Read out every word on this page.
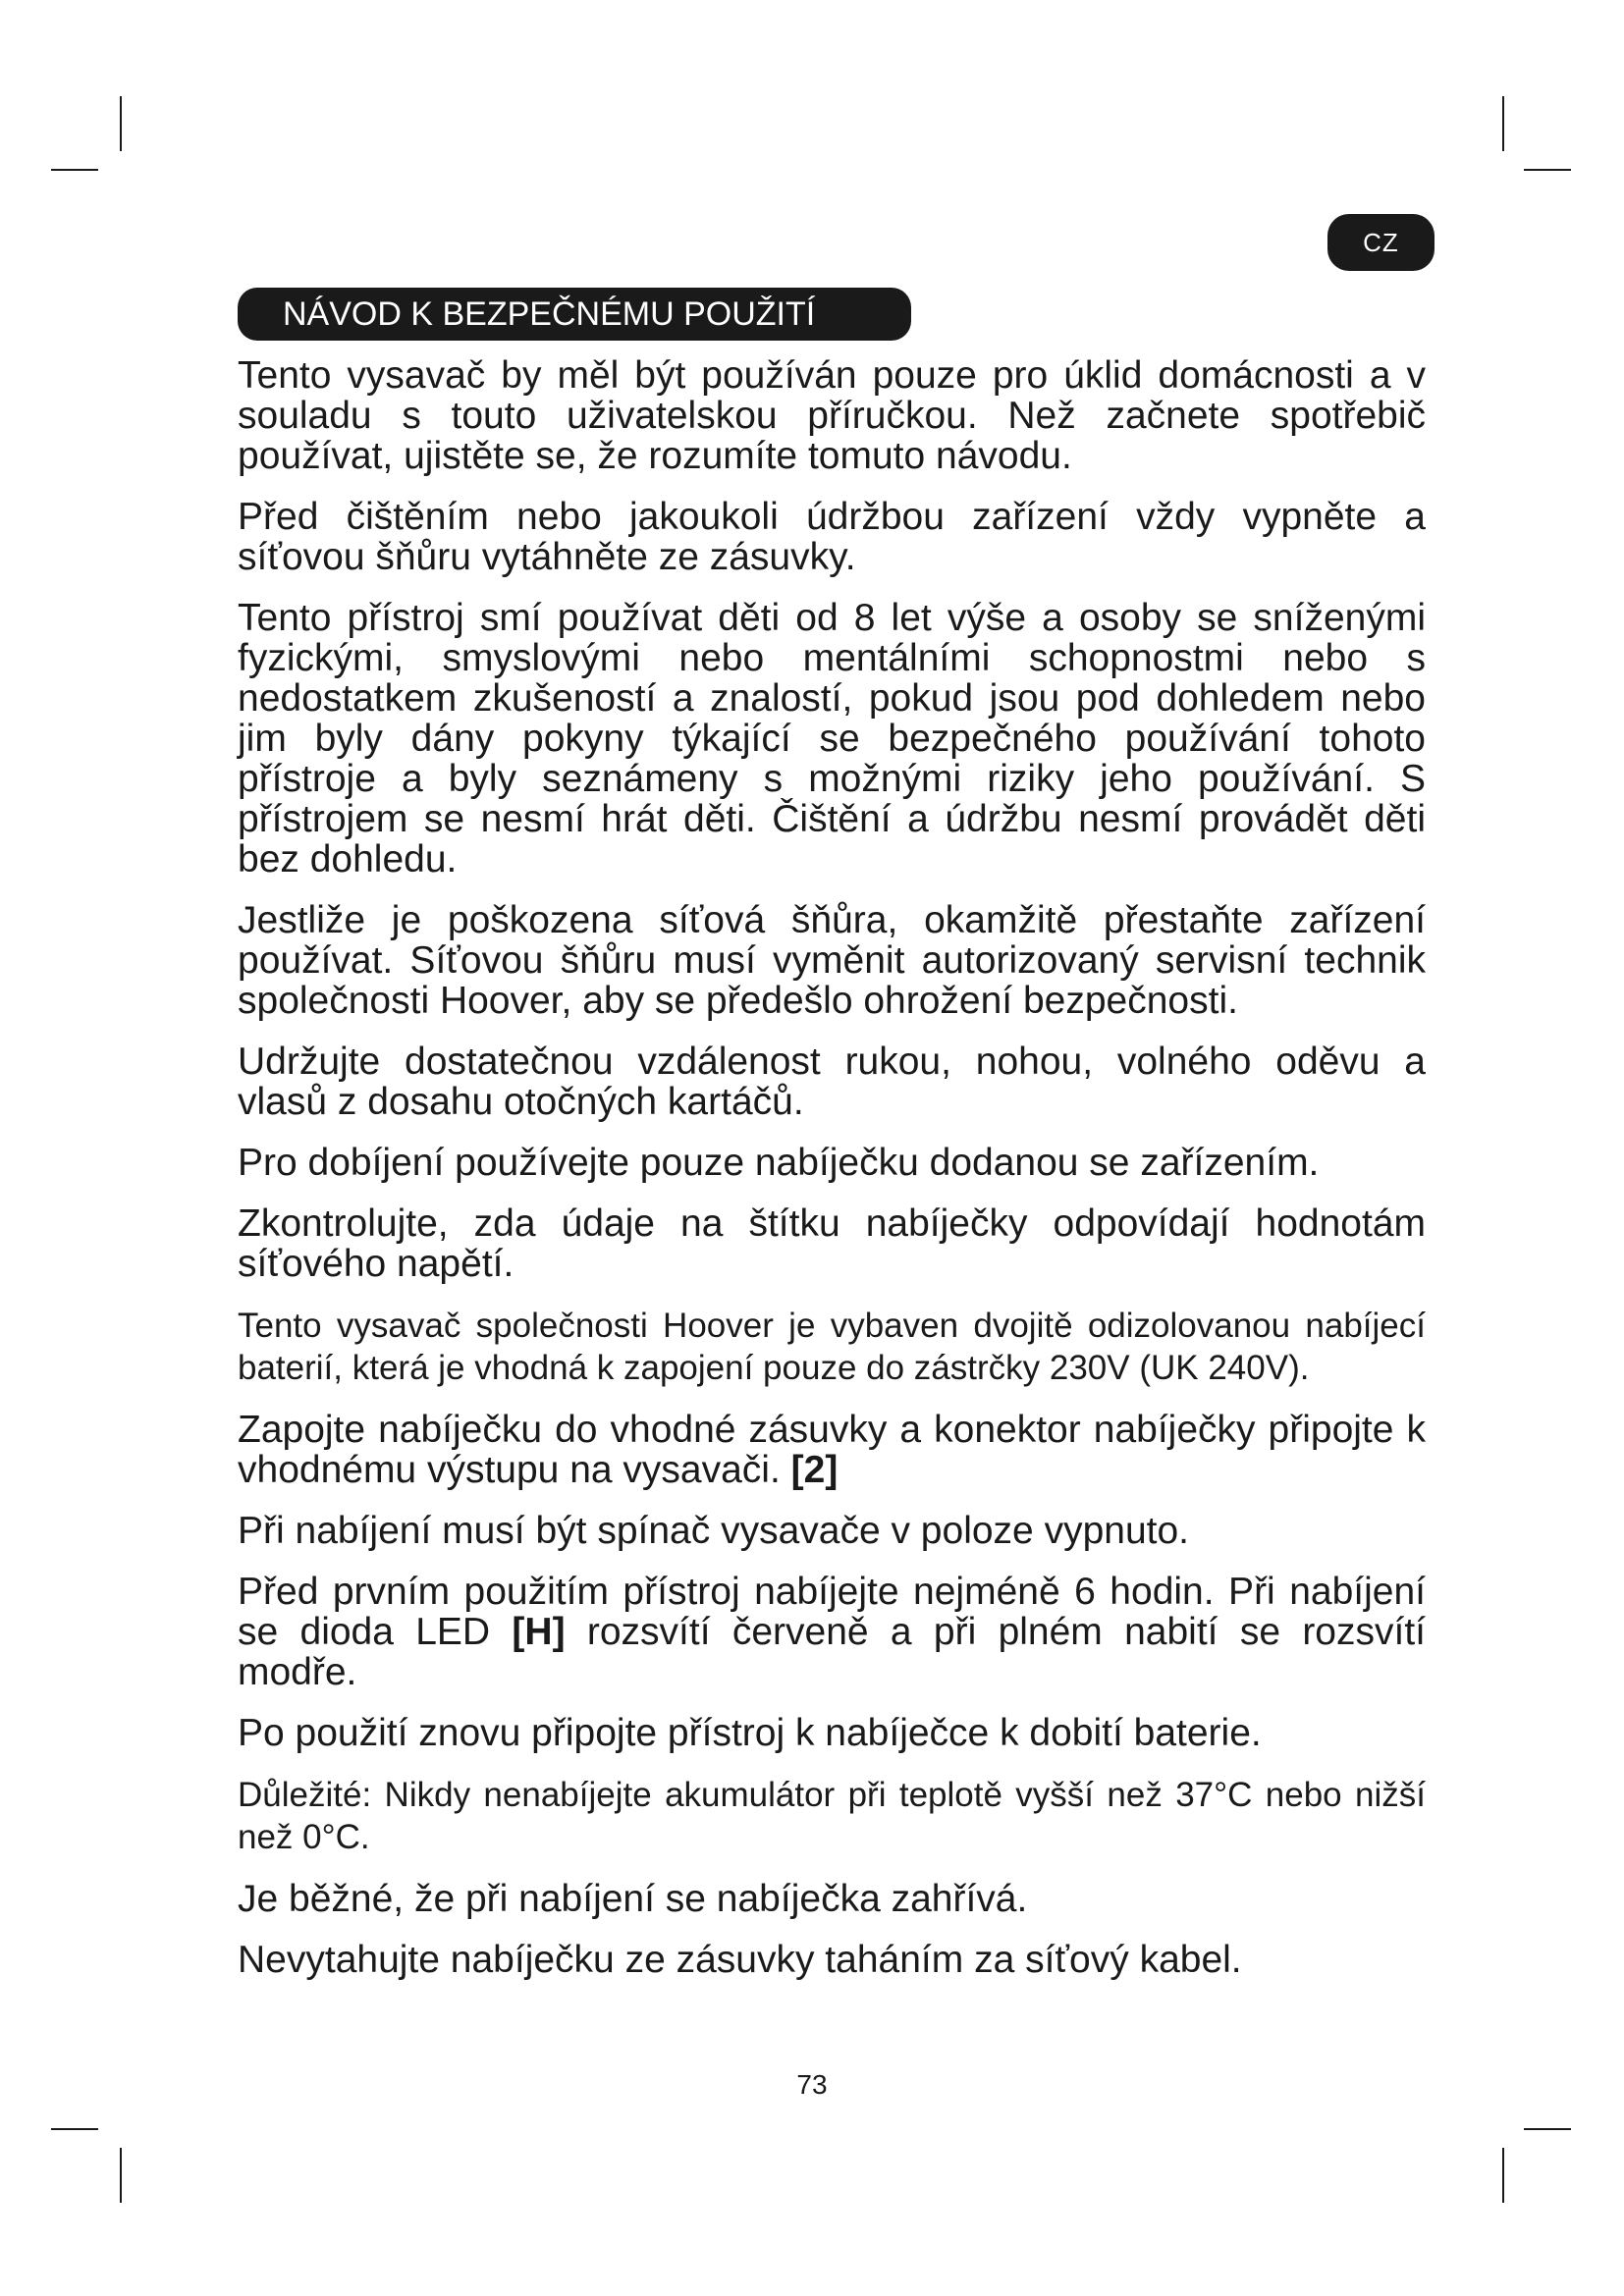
CZ
NÁVOD K BEZPEČNÉMU POUŽITÍ

Tento vysavač by měl být používán pouze pro úklid domácnosti a v souladu s touto uživatelskou příručkou. Než začnete spotřebič používat, ujistěte se, že rozumíte tomuto návodu.

Před čištěním nebo jakoukoli údržbou zařízení vždy vypněte a síťovou šňůru vytáhněte ze zásuvky.

Tento přístroj smí používat děti od 8 let výše a osoby se sníženými fyzickými, smyslovými nebo mentálními schopnostmi nebo s nedostatkem zkušeností a znalostí, pokud jsou pod dohledem nebo jim byly dány pokyny týkající se bezpečného používání tohoto přístroje a byly seznámeny s možnými riziky jeho používání. S přístrojem se nesmí hrát děti. Čištění a údržbu nesmí provádět děti bez dohledu.

Jestliže je poškozena síťová šňůra, okamžitě přestaňte zařízení používat. Síťovou šňůru musí vyměnit autorizovaný servisní technik společnosti Hoover, aby se předešlo ohrožení bezpečnosti.

Udržujte dostatečnou vzdálenost rukou, nohou, volného oděvu a vlasů z dosahu otočných kartáčů.

Pro dobíjení používejte pouze nabíječku dodanou se zařízením.

Zkontrolujte, zda údaje na štítku nabíječky odpovídají hodnotám síťového napětí.

Tento vysavač společnosti Hoover je vybaven dvojitě odizolovanou nabíjecí baterií, která je vhodná k zapojení pouze do zástrčky 230V (UK 240V).

Zapojte nabíječku do vhodné zásuvky a konektor nabíječky připojte k vhodnému výstupu na vysavači. [2]

Při nabíjení musí být spínač vysavače v poloze vypnuto.

Před prvním použitím přístroj nabíjejte nejméně 6 hodin. Při nabíjení se dioda LED [H] rozsvítí červeně a při plném nabití se rozsvítí modře.

Po použití znovu připojte přístroj k nabíječce k dobití baterie.

Důležité: Nikdy nenabíjejte akumulátor při teplotě vyšší než 37°C nebo nižší než 0°C.

Je běžné, že při nabíjení se nabíječka zahřívá.

Nevytahujte nabíječku ze zásuvky taháním za síťový kabel.

73
